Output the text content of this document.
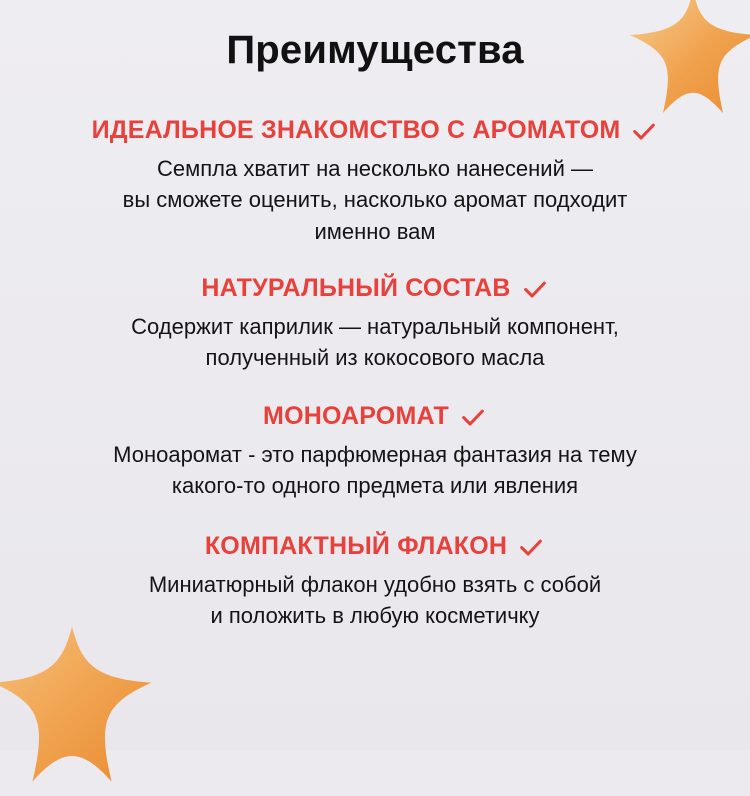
Преимущества
ИДЕАЛЬНОЕ ЗНАКОМСТВО С АРОМАТОМ
Семпла хватит на несколько нанесений —
вы сможете оценить, насколько аромат подходит
именно вам
НАТУРАЛЬНЫЙ СОСТАВ
Содержит каприлик — натуральный компонент,
полученный из кокосового масла
МОНОАРОМАТ
Моноаромат - это парфюмерная фантазия на тему
какого-то одного предмета или явления
КОМПАКТНЫЙ ФЛАКОН
Миниатюрный флакон удобно взять с собой
и положить в любую косметичку
